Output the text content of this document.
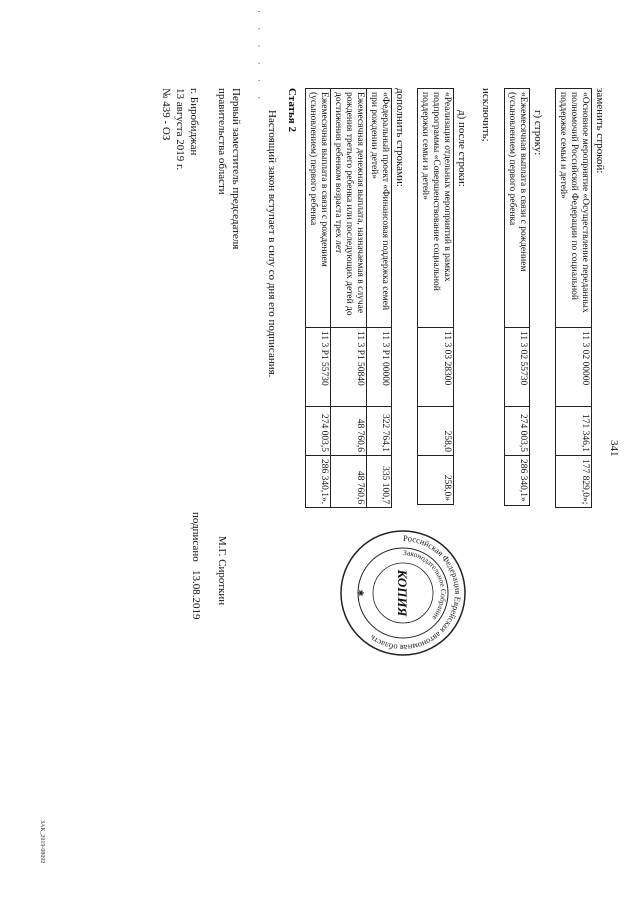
341
· · · · · ·
заменить строкой:
«Основное мероприятие «Осуществление переданных полномочий Российской Федерации по социальной поддержке семьи и детей»	11 3 02 00000	171 346,1	177 829,0»;
г) строку:
«Ежемесячная выплата в связи с рождением (усыновлением) первого ребенка	11 3 02 55730	274 003,5	286 340,1»
исключить;
д) после строки:
«Реализация отдельных мероприятий в рамках подпрограммы «Совершенствование социальной поддержки семьи и детей»	11 3 03 28300	258,0	258,0»
дополнить строками:
«Федеральный проект «Финансовая поддержка семей при рождении детей»	11 3 P1 00000	322 764,1	335 100,7
Ежемесячная денежная выплата, назначаемая в случае рождения третьего ребенка или последующих детей до достижения ребенком возраста трех лет	11 3 P1 50840	48 760,6	48 760,6
Ежемесячная выплата в связи с рождением (усыновлением) первого ребенка	11 3 P1 55730	274 003,5	286 340,1».
Статья 2
Настоящий закон вступает в силу со дня его подписания.
Первый заместитель председателя
правительства области
М.Г. Сироткин
подписано
13.08.2019
г. Биробиджан
13 августа 2019 г.
№ 439 - ОЗ
Российская Федерация Еврейская автономная область
Законодательное Собрание
КОПИЯ
✱
ЗАК_2019-08092
